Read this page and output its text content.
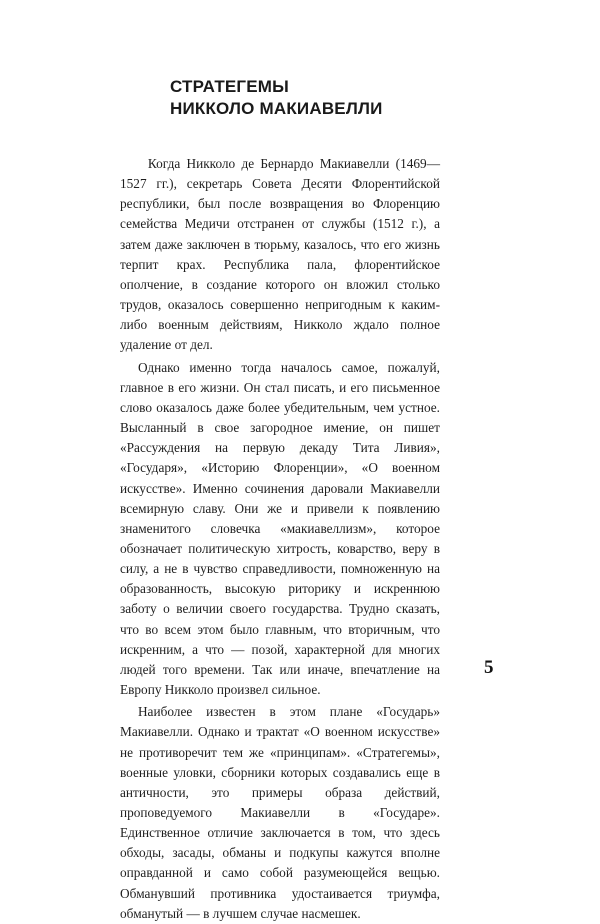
СТРАТЕГЕМЫ
НИККОЛО МАКИАВЕЛЛИ

Когда Никколо де Бернардо Макиавелли (1469—1527 гг.), секретарь Совета Десяти Флорентийской республики, был после возвращения во Флоренцию семейства Медичи отстранен от службы (1512 г.), а затем даже заключен в тюрьму, казалось, что его жизнь терпит крах. Республика пала, флорентийское ополчение, в создание которого он вложил столько трудов, оказалось совершенно непригодным к каким-либо военным действиям, Никколо ждало полное удаление от дел.

Однако именно тогда началось самое, пожалуй, главное в его жизни. Он стал писать, и его письменное слово оказалось даже более убедительным, чем устное. Высланный в свое загородное имение, он пишет «Рассуждения на первую декаду Тита Ливия», «Государя», «Историю Флоренции», «О военном искусстве». Именно сочинения даровали Макиавелли всемирную славу. Они же и привели к появлению знаменитого словечка «макиавеллизм», которое обозначает политическую хитрость, коварство, веру в силу, а не в чувство справедливости, помноженную на образованность, высокую риторику и искреннюю заботу о величии своего государства. Трудно сказать, что во всем этом было главным, что вторичным, что искренним, а что — позой, характерной для многих людей того времени. Так или иначе, впечатление на Европу Никколо произвел сильное.

Наиболее известен в этом плане «Государь» Макиавелли. Однако и трактат «О военном искусстве» не противоречит тем же «принципам». «Стратегемы», военные уловки, сборники которых создавались еще в античности, это примеры образа действий, проповедуемого Макиавелли в «Государе». Единственное отличие заключается в том, что здесь обходы, засады, обманы и подкупы кажутся вполне оправданной и само собой разумеющейся вещью. Обманувший противника удостаивается триумфа, обманутый — в лучшем случае насмешек.

5
